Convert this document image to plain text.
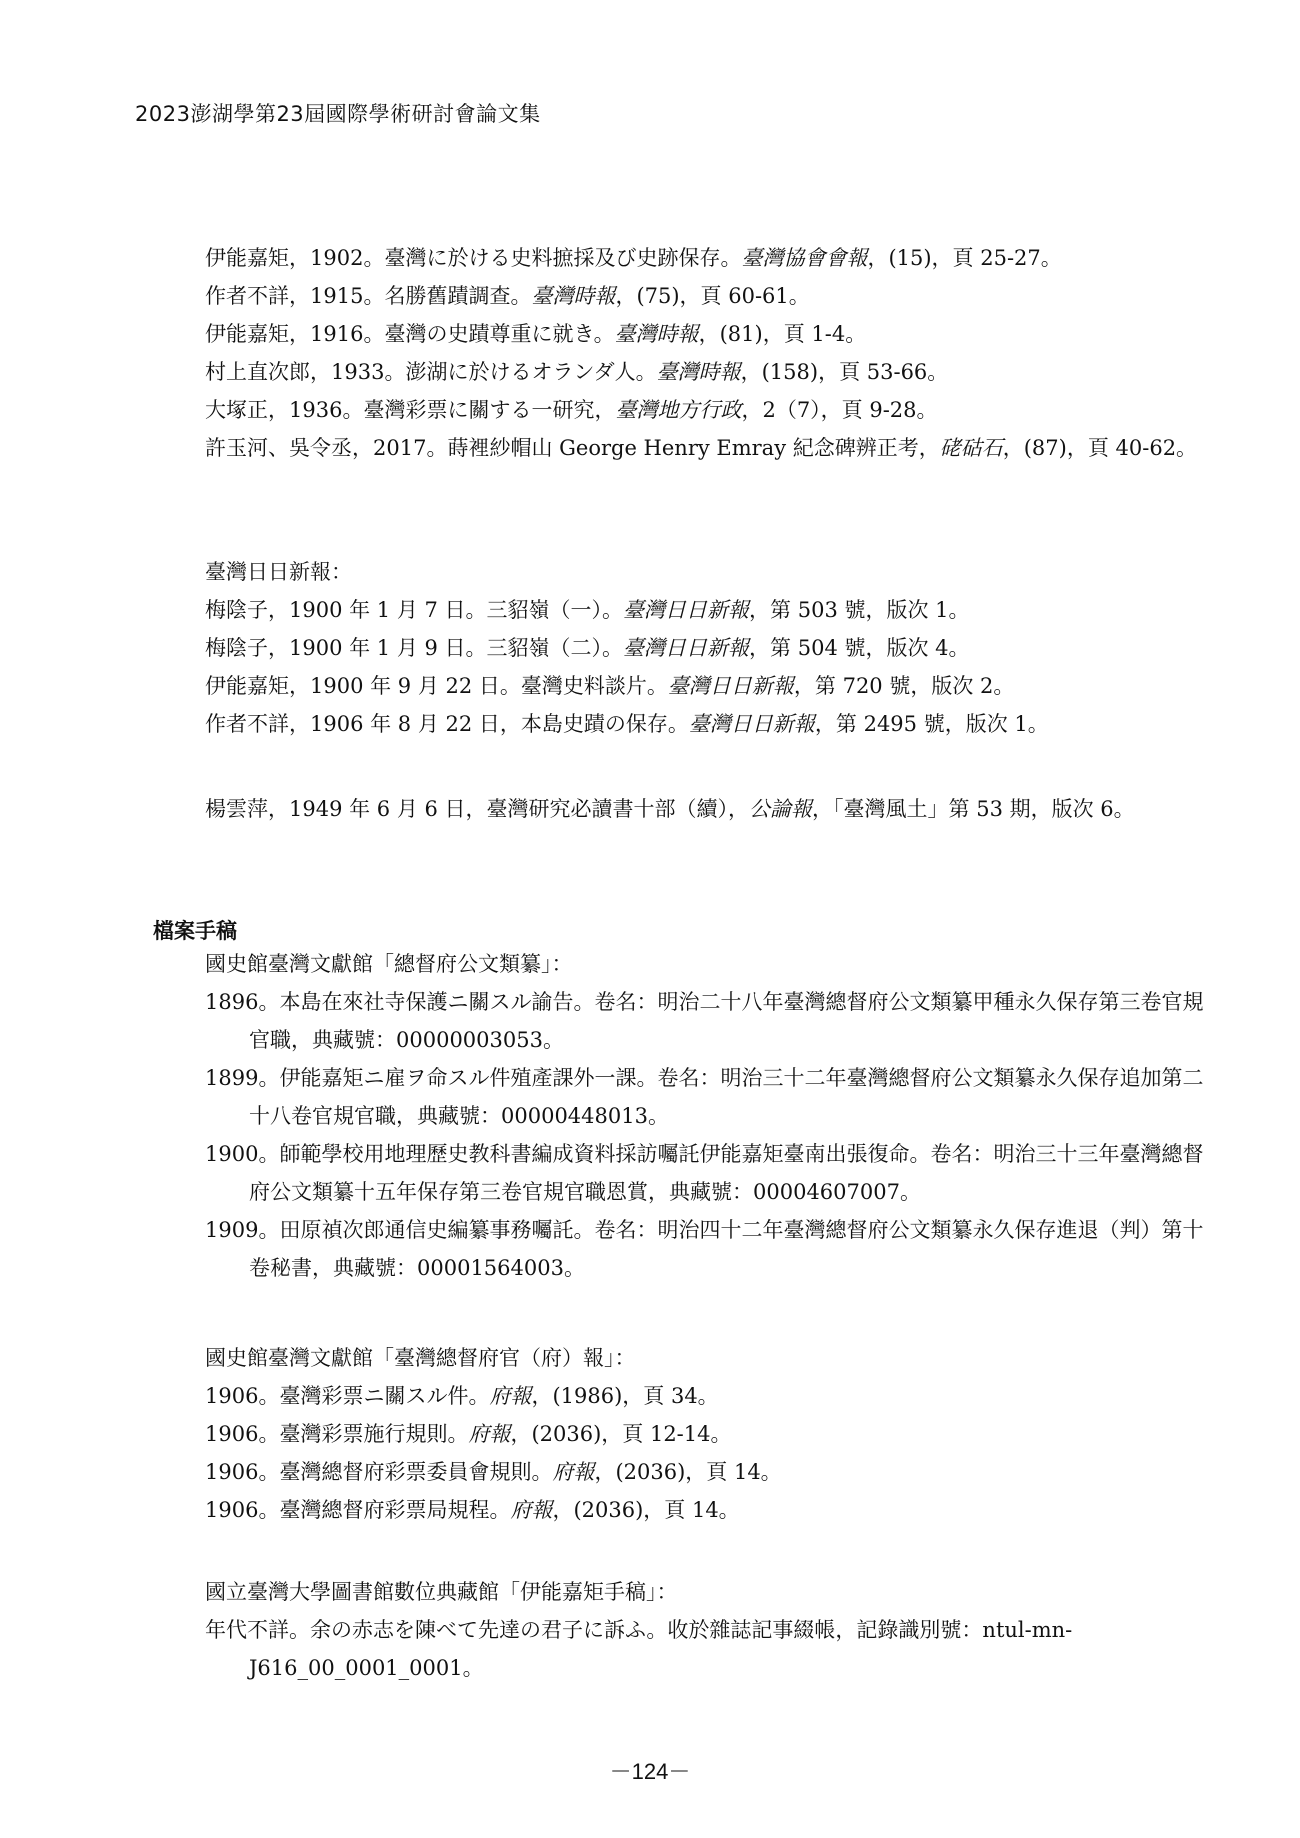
2023澎湖學第23屆國際學術研討會論文集

伊能嘉矩，1902。臺灣に於ける史料摭採及び史跡保存。臺灣協會會報，(15)，頁 25-27。

作者不詳，1915。名勝舊蹟調查。臺灣時報，(75)，頁 60-61。

伊能嘉矩，1916。臺灣の史蹟尊重に就き。臺灣時報，(81)，頁 1-4。

村上直次郎，1933。澎湖に於けるオランダ人。臺灣時報，(158)，頁 53-66。

大塚正，1936。臺灣彩票に關する一研究，臺灣地方行政，2（7），頁 9-28。

許玉河、吳令丞，2017。蒔裡紗帽山 George Henry Emray 紀念碑辨正考，硓𥑮石，(87)，頁 40-62。

臺灣日日新報：

梅陰子，1900 年 1 月 7 日。三貂嶺（一）。臺灣日日新報，第 503 號，版次 1。

梅陰子，1900 年 1 月 9 日。三貂嶺（二）。臺灣日日新報，第 504 號，版次 4。

伊能嘉矩，1900 年 9 月 22 日。臺灣史料談片。臺灣日日新報，第 720 號，版次 2。

作者不詳，1906 年 8 月 22 日，本島史蹟の保存。臺灣日日新報，第 2495 號，版次 1。

楊雲萍，1949 年 6 月 6 日，臺灣研究必讀書十部（續），公論報，「臺灣風土」第 53 期，版次 6。

檔案手稿

國史館臺灣文獻館「總督府公文類纂」：

1896。本島在來社寺保護ニ關スル諭告。卷名：明治二十八年臺灣總督府公文類纂甲種永久保存第三卷官規官職，典藏號：00000003053。

1899。伊能嘉矩ニ雇ヲ命スル件殖產課外一課。卷名：明治三十二年臺灣總督府公文類纂永久保存追加第二十八卷官規官職，典藏號：00000448013。

1900。師範學校用地理歷史教科書編成資料採訪囑託伊能嘉矩臺南出張復命。卷名：明治三十三年臺灣總督府公文類纂十五年保存第三卷官規官職恩賞，典藏號：00004607007。

1909。田原禎次郎通信史編纂事務囑託。卷名：明治四十二年臺灣總督府公文類纂永久保存進退（判）第十卷秘書，典藏號：00001564003。

國史館臺灣文獻館「臺灣總督府官（府）報」：

1906。臺灣彩票ニ關スル件。府報，(1986)，頁 34。

1906。臺灣彩票施行規則。府報，(2036)，頁 12-14。

1906。臺灣總督府彩票委員會規則。府報，(2036)，頁 14。

1906。臺灣總督府彩票局規程。府報，(2036)，頁 14。

國立臺灣大學圖書館數位典藏館「伊能嘉矩手稿」：

年代不詳。余の赤志を陳べて先達の君子に訴ふ。收於雜誌記事綴帳，記錄識別號：ntul-mn-J616_00_0001_0001。

－124－
